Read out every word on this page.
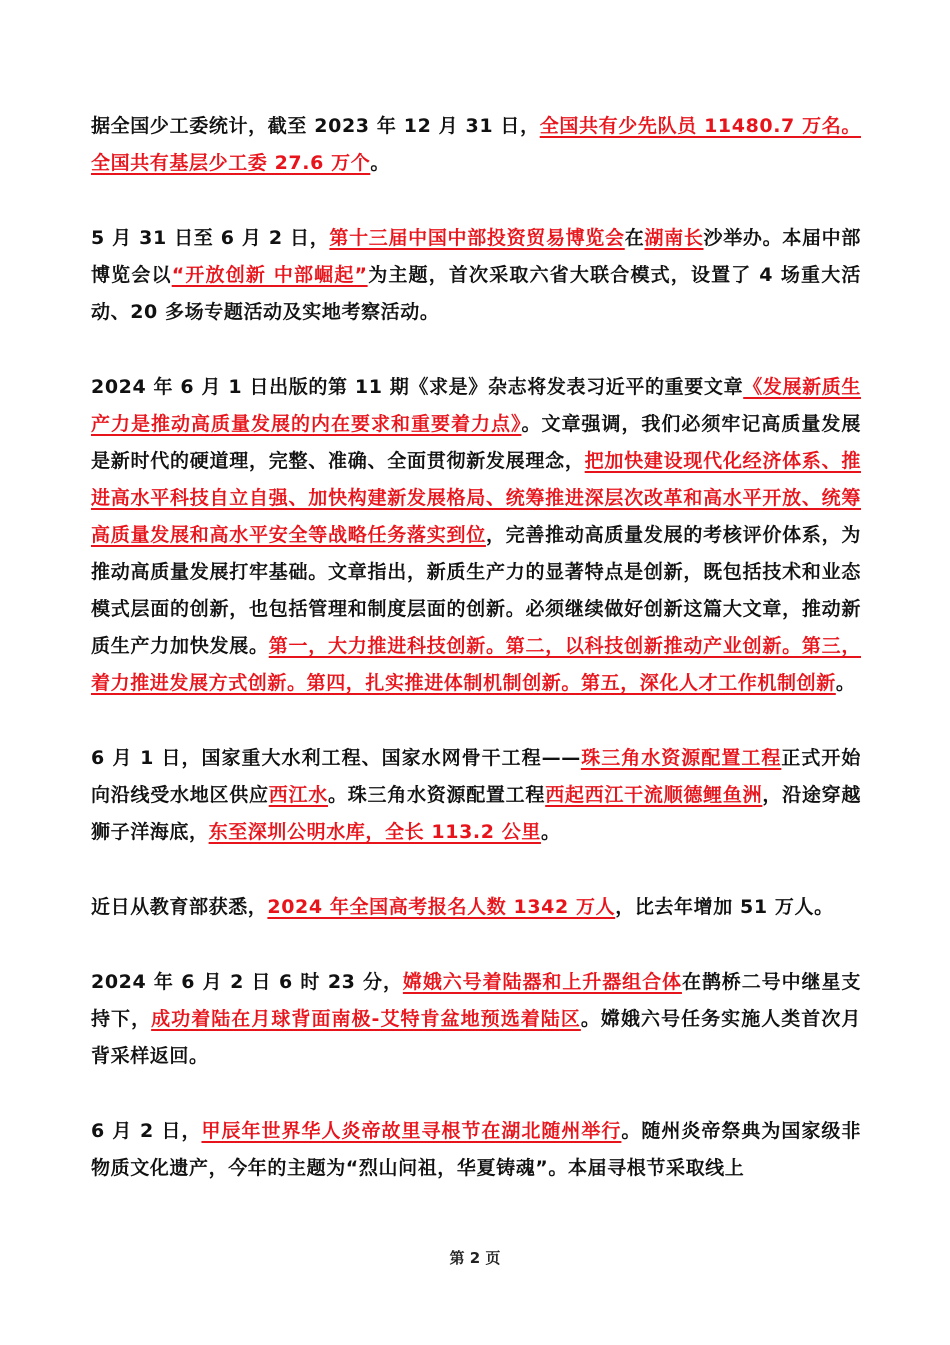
据全国少工委统计，截至 2023 年 12 月 31 日，全国共有少先队员 11480.7 万名。全国共有基层少工委 27.6 万个。

5 月 31 日至 6 月 2 日，第十三届中国中部投资贸易博览会在湖南长沙举办。本届中部博览会以“开放创新 中部崛起”为主题，首次采取六省大联合模式，设置了 4 场重大活动、20 多场专题活动及实地考察活动。

2024 年 6 月 1 日出版的第 11 期《求是》杂志将发表习近平的重要文章《发展新质生产力是推动高质量发展的内在要求和重要着力点》。文章强调，我们必须牢记高质量发展是新时代的硬道理，完整、准确、全面贯彻新发展理念，把加快建设现代化经济体系、推进高水平科技自立自强、加快构建新发展格局、统筹推进深层次改革和高水平开放、统筹高质量发展和高水平安全等战略任务落实到位，完善推动高质量发展的考核评价体系，为推动高质量发展打牢基础。文章指出，新质生产力的显著特点是创新，既包括技术和业态模式层面的创新，也包括管理和制度层面的创新。必须继续做好创新这篇大文章，推动新质生产力加快发展。第一，大力推进科技创新。第二，以科技创新推动产业创新。第三，着力推进发展方式创新。第四，扎实推进体制机制创新。第五，深化人才工作机制创新。

6 月 1 日，国家重大水利工程、国家水网骨干工程——珠三角水资源配置工程正式开始向沿线受水地区供应西江水。珠三角水资源配置工程西起西江干流顺德鲤鱼洲，沿途穿越狮子洋海底，东至深圳公明水库，全长 113.2 公里。

近日从教育部获悉，2024 年全国高考报名人数 1342 万人，比去年增加 51 万人。

2024 年 6 月 2 日 6 时 23 分，嫦娥六号着陆器和上升器组合体在鹊桥二号中继星支持下，成功着陆在月球背面南极-艾特肯盆地预选着陆区。嫦娥六号任务实施人类首次月背采样返回。

6 月 2 日，甲辰年世界华人炎帝故里寻根节在湖北随州举行。随州炎帝祭典为国家级非物质文化遗产，今年的主题为“烈山问祖，华夏铸魂”。本届寻根节采取线上

第 2 页
